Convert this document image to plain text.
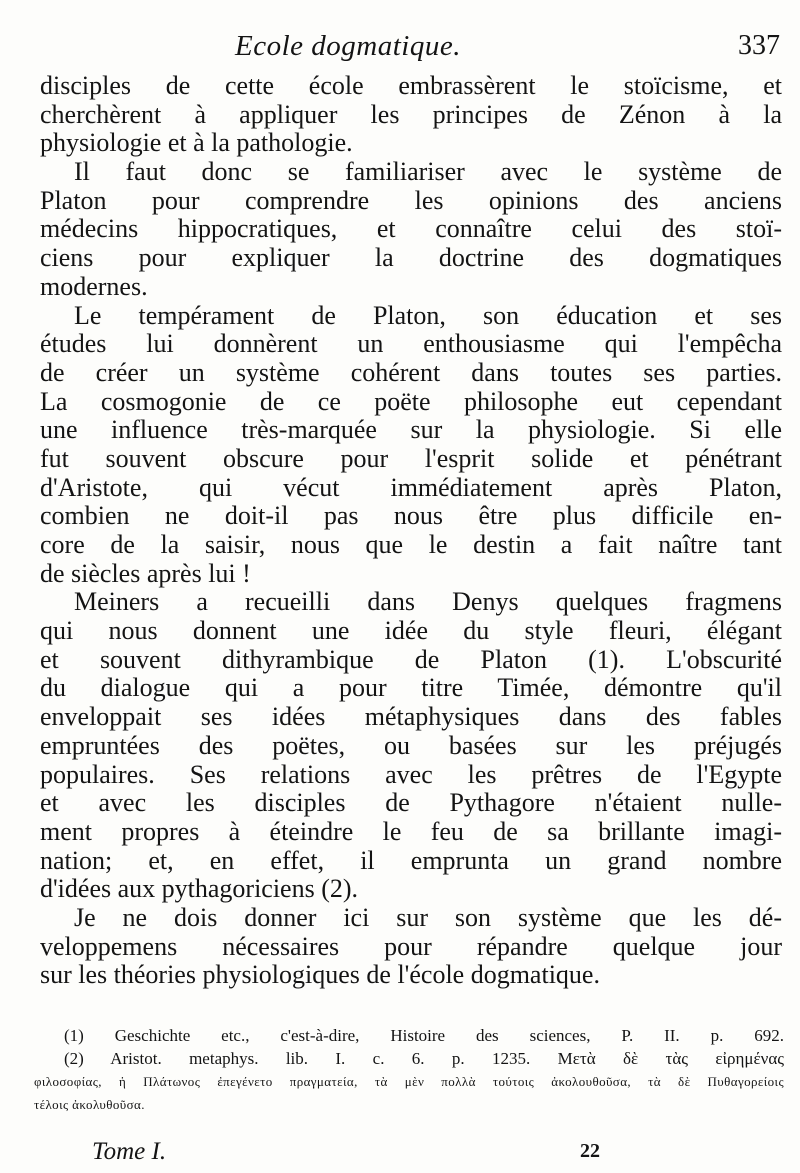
Ecole dogmatique.	337
disciples de cette école embrassèrent le stoïcisme, et
cherchèrent à appliquer les principes de Zénon à la
physiologie et à la pathologie.
Il faut donc se familiariser avec le système de
Platon pour comprendre les opinions des anciens
médecins hippocratiques, et connaître celui des stoï-
ciens pour expliquer la doctrine des dogmatiques
modernes.
Le tempérament de Platon, son éducation et ses
études lui donnèrent un enthousiasme qui l'empêcha
de créer un système cohérent dans toutes ses parties.
La cosmogonie de ce poëte philosophe eut cependant
une influence très-marquée sur la physiologie. Si elle
fut souvent obscure pour l'esprit solide et pénétrant
d'Aristote, qui vécut immédiatement après Platon,
combien ne doit-il pas nous être plus difficile en-
core de la saisir, nous que le destin a fait naître tant
de siècles après lui !
Meiners a recueilli dans Denys quelques fragmens
qui nous donnent une idée du style fleuri, élégant
et souvent dithyrambique de Platon (1). L'obscurité
du dialogue qui a pour titre Timée, démontre qu'il
enveloppait ses idées métaphysiques dans des fables
empruntées des poëtes, ou basées sur les préjugés
populaires. Ses relations avec les prêtres de l'Egypte
et avec les disciples de Pythagore n'étaient nulle-
ment propres à éteindre le feu de sa brillante imagi-
nation; et, en effet, il emprunta un grand nombre
d'idées aux pythagoriciens (2).
Je ne dois donner ici sur son système que les dé-
veloppemens nécessaires pour répandre quelque jour
sur les théories physiologiques de l'école dogmatique.
(1) Geschichte etc., c'est-à-dire, Histoire des sciences, P. II. p. 692.
(2) Aristot. metaphys. lib. I. c. 6. p. 1235. Μετὰ δὲ τὰς εἰρημένας
φιλοσοφίας, ἡ Πλάτωνος ἐπεγένετο πραγματεία, τὰ μὲν πολλὰ τούτοις ἀκολουθοῦσα, τὰ δὲ Πυθαγορείοις
τέλοις ἀκολυθοῦσα.
Tome I.	22
